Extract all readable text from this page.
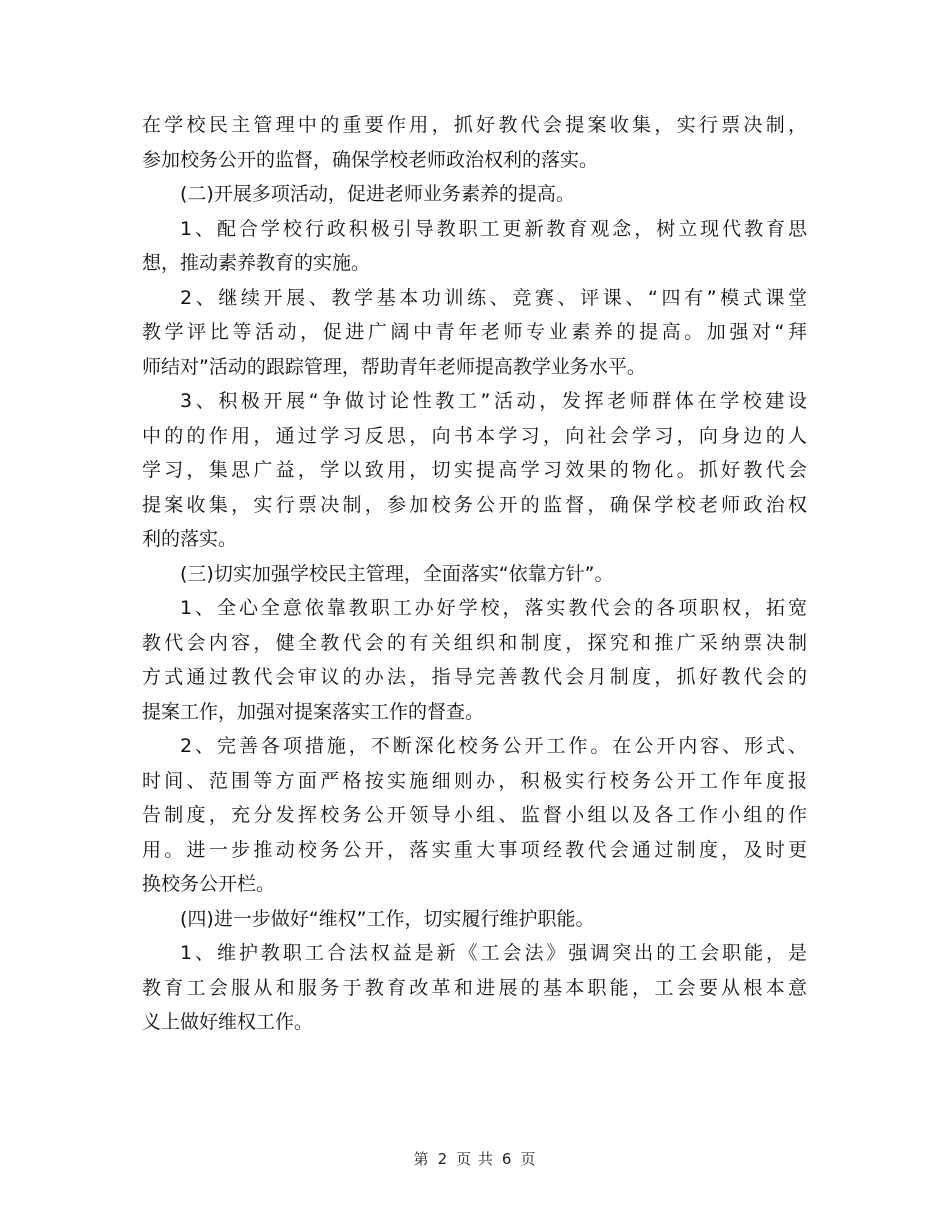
在学校民主管理中的重要作用，抓好教代会提案收集，实行票决制，
参加校务公开的监督，确保学校老师政治权利的落实。
(二)开展多项活动，促进老师业务素养的提高。
1、配合学校行政积极引导教职工更新教育观念，树立现代教育思
想，推动素养教育的实施。
2、继续开展、教学基本功训练、竞赛、评课、“四有”模式课堂
教学评比等活动，促进广阔中青年老师专业素养的提高。加强对“拜
师结对”活动的跟踪管理，帮助青年老师提高教学业务水平。
3、积极开展“争做讨论性教工”活动，发挥老师群体在学校建设
中的的作用，通过学习反思，向书本学习，向社会学习，向身边的人
学习，集思广益，学以致用，切实提高学习效果的物化。抓好教代会
提案收集，实行票决制，参加校务公开的监督，确保学校老师政治权
利的落实。
(三)切实加强学校民主管理，全面落实“依靠方针”。
1、全心全意依靠教职工办好学校，落实教代会的各项职权，拓宽
教代会内容，健全教代会的有关组织和制度，探究和推广采纳票决制
方式通过教代会审议的办法，指导完善教代会月制度，抓好教代会的
提案工作，加强对提案落实工作的督查。
2、完善各项措施，不断深化校务公开工作。在公开内容、形式、
时间、范围等方面严格按实施细则办，积极实行校务公开工作年度报
告制度，充分发挥校务公开领导小组、监督小组以及各工作小组的作
用。进一步推动校务公开，落实重大事项经教代会通过制度，及时更
换校务公开栏。
(四)进一步做好“维权”工作，切实履行维护职能。
1、维护教职工合法权益是新《工会法》强调突出的工会职能，是
教育工会服从和服务于教育改革和进展的基本职能，工会要从根本意
义上做好维权工作。
第 2 页 共 6 页
